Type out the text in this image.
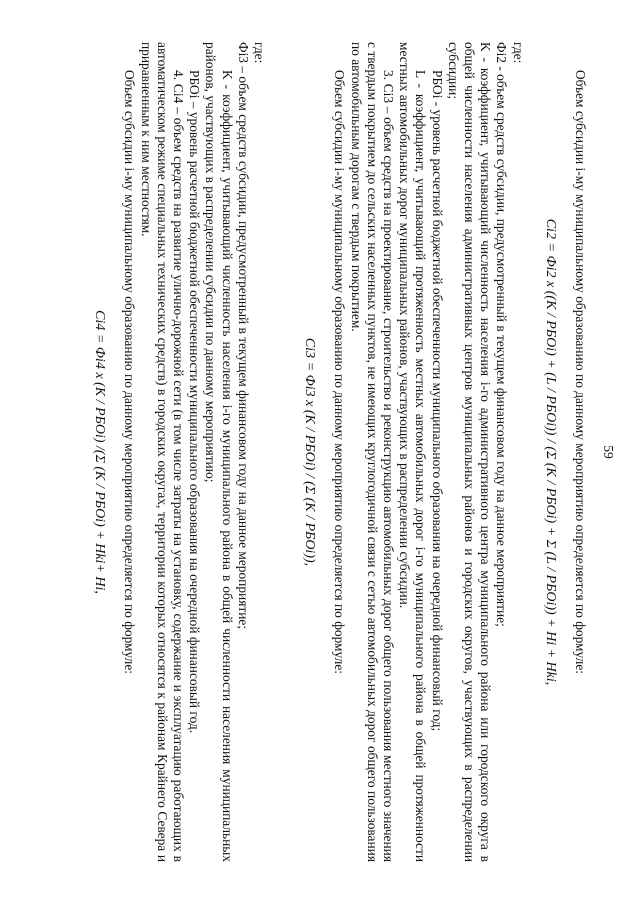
59

Объем субсидии i-му муниципальному образованию по данному мероприятию определяется по формуле:

Ci2 = Фi2 x ((K / РБОi) + (L / РБОi)) / (Σ (K / РБОi) + Σ (L / РБОi)) + Hi + Hki,

где:

Фi2 - объем средств субсидии, предусмотренный в текущем финансовом году на данное мероприятие;

K - коэффициент, учитывающий численность населения i-го административного центра муниципального района или городского округа в общей численности населения административных центров муниципальных районов и городских округов, участвующих в распределении субсидии;

РБОi - уровень расчетной бюджетной обеспеченности муниципального образования на очередной финансовый год;

L - коэффициент, учитывающий протяженность местных автомобильных дорог i-го муниципального района в общей протяженности местных автомобильных дорог муниципальных районов, участвующих в распределении субсидии.

3. Ci3 – объем средств на проектирование, строительство и реконструкцию автомобильных дорог общего пользования местного значения с твердым покрытием до сельских населенных пунктов, не имеющих круглогодичной связи с сетью автомобильных дорог общего пользования по автомобильным дорогам с твердым покрытием.

Объем субсидии i-му муниципальному образованию по данному мероприятию определяется по формуле:

Ci3 = Фi3 x (K / РБОi) / (Σ (K / РБОi)),

где:

Фi3 – объем средств субсидии, предусмотренный в текущем финансовом году на данное мероприятие;

K - коэффициент, учитывающий численность населения i-го муниципального района в общей численности населения муниципальных районов, участвующих в распределении субсидии по данному мероприятию;

РБОi – уровень расчетной бюджетной обеспеченности муниципального образования на очередной финансовый год.

4. Ci4 – объем средств на развитие улично-дорожной сети (в том числе затраты на установку, содержание и эксплуатацию работающих в автоматическом режиме специальных технических средств) в городских округах, территории которых относятся к районам Крайнего Севера и приравненным к ним местностям.

Объем субсидии i-му муниципальному образованию по данному мероприятию определяется по формуле:

Ci4 = Фi4 x (K / РБОi) /(Σ (K / РБОi) + Hki+ Hi,
